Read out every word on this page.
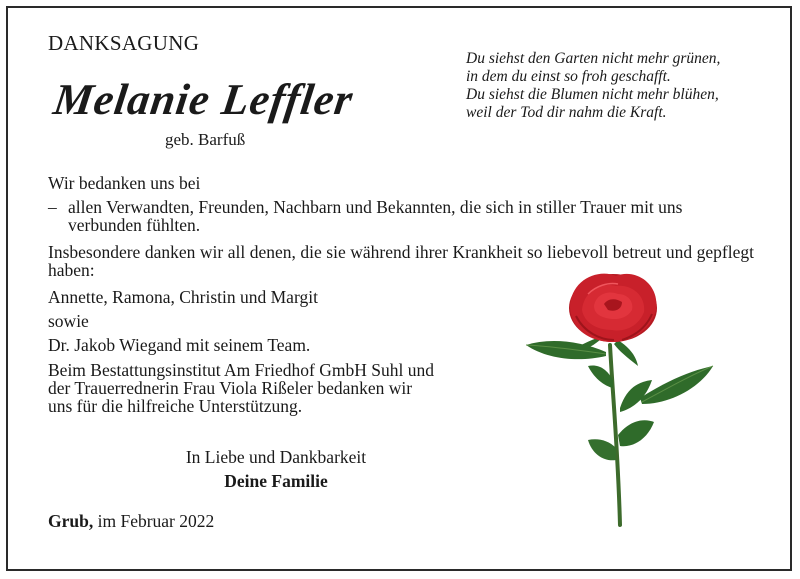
DANKSAGUNG
Melanie Leffler
geb. Barfuß
Du siehst den Garten nicht mehr grünen,
in dem du einst so froh geschafft.
Du siehst die Blumen nicht mehr blühen,
weil der Tod dir nahm die Kraft.
Wir bedanken uns bei
– allen Verwandten, Freunden, Nachbarn und Bekannten, die sich in stiller Trauer mit uns verbunden fühlten.
Insbesondere danken wir all denen, die sie während ihrer Krankheit so liebevoll betreut und gepflegt haben:
Annette, Ramona, Christin und Margit
sowie
Dr. Jakob Wiegand mit seinem Team.
Beim Bestattungsinstitut Am Friedhof GmbH Suhl und
der Trauerrednerin Frau Viola Rißeler bedanken wir
uns für die hilfreiche Unterstützung.
In Liebe und Dankbarkeit
Deine Familie
Grub, im Februar 2022
